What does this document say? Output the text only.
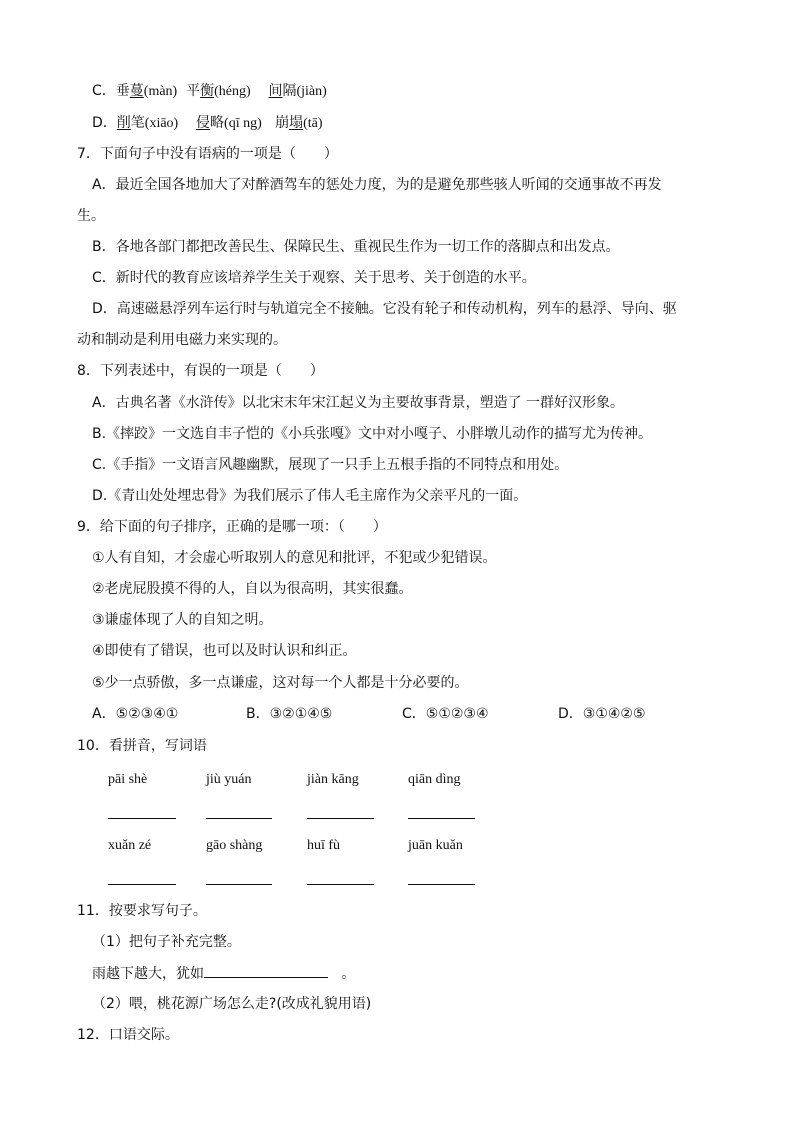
C．垂蔓(màn) 平衡(héng) 间隔(jiàn)
D．削笔(xiāo) 侵略(qī ng) 崩塌(tā)
7．下面句子中没有语病的一项是（　　）
A．最近全国各地加大了对醉酒驾车的惩处力度，为的是避免那些骇人听闻的交通事故不再发
生。
B．各地各部门都把改善民生、保障民生、重视民生作为一切工作的落脚点和出发点。
C．新时代的教育应该培养学生关于观察、关于思考、关于创造的水平。
D．高速磁悬浮列车运行时与轨道完全不接触。它没有轮子和传动机构，列车的悬浮、导向、驱
动和制动是利用电磁力来实现的。
8．下列表述中，有误的一项是（　　）
A．古典名著《水浒传》以北宋末年宋江起义为主要故事背景，塑造了 一群好汉形象。
B.《摔跤》一文选自丰子恺的《小兵张嘎》文中对小嘎子、小胖墩儿动作的描写尤为传神。
C.《手指》一文语言风趣幽默，展现了一只手上五根手指的不同特点和用处。
D.《青山处处埋忠骨》为我们展示了伟人毛主席作为父亲平凡的一面。
9．给下面的句子排序，正确的是哪一项：（　　）
①人有自知，才会虚心听取别人的意见和批评，不犯或少犯错误。
②老虎屁股摸不得的人，自以为很高明，其实很蠢。
③谦虚体现了人的自知之明。
④即使有了错误，也可以及时认识和纠正。
⑤少一点骄傲，多一点谦虚，这对每一个人都是十分必要的。
A．⑤②③④①	B．③②①④⑤	C．⑤①②③④	D．③①④②⑤
10．看拼音，写词语
pāi shè	jiù yuán	jiàn kāng	qiān dìng
xuǎn zé	gāo shàng	huī fù	juān kuǎn
11．按要求写句子。
（1）把句子补充完整。
雨越下越大，犹如	。
（2）喂，桃花源广场怎么走?(改成礼貌用语)
12．口语交际。
